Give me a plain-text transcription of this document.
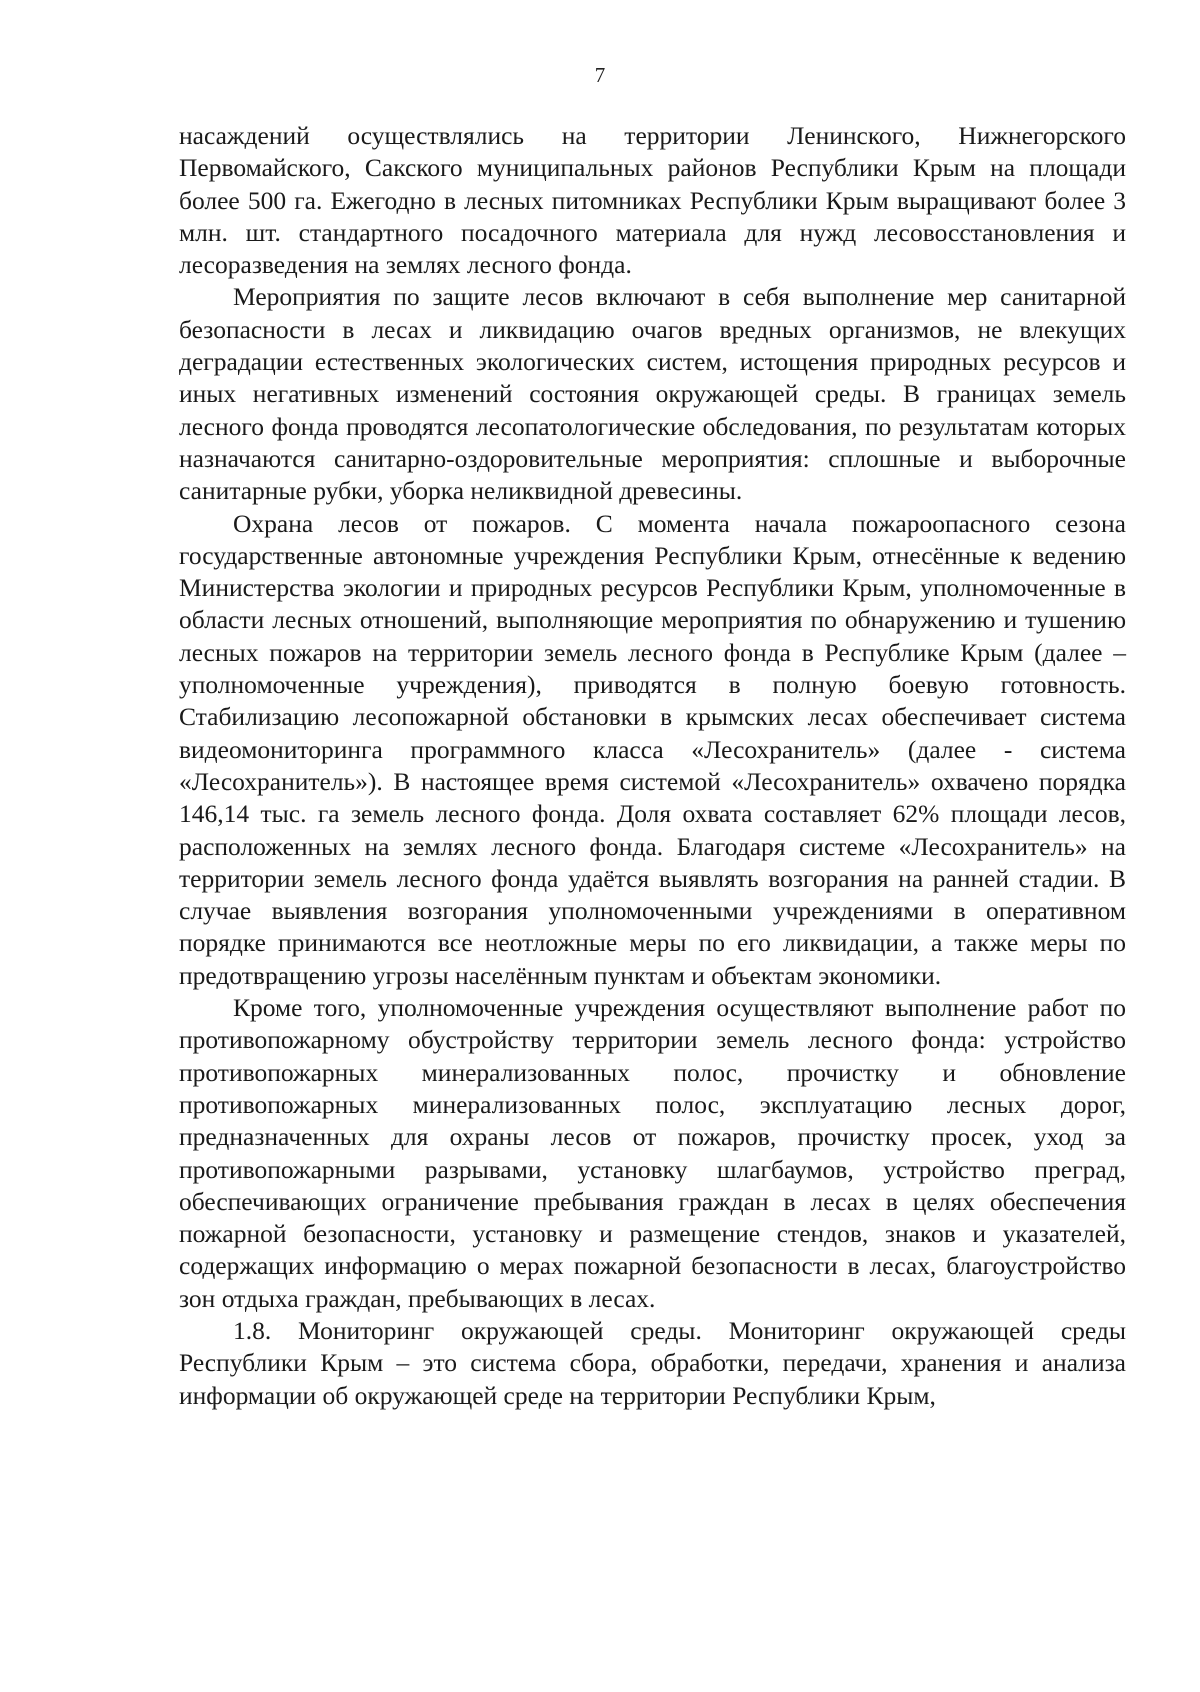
7

насаждений осуществлялись на территории Ленинского, Нижнегорского Первомайского, Сакского муниципальных районов Республики Крым на площади более 500 га. Ежегодно в лесных питомниках Республики Крым выращивают более 3 млн. шт. стандартного посадочного материала для нужд лесовосстановления и лесоразведения на землях лесного фонда.

Мероприятия по защите лесов включают в себя выполнение мер санитарной безопасности в лесах и ликвидацию очагов вредных организмов, не влекущих деградации естественных экологических систем, истощения природных ресурсов и иных негативных изменений состояния окружающей среды. В границах земель лесного фонда проводятся лесопатологические обследования, по результатам которых назначаются санитарно-оздоровительные мероприятия: сплошные и выборочные санитарные рубки, уборка неликвидной древесины.

Охрана лесов от пожаров. С момента начала пожароопасного сезона государственные автономные учреждения Республики Крым, отнесённые к ведению Министерства экологии и природных ресурсов Республики Крым, уполномоченные в области лесных отношений, выполняющие мероприятия по обнаружению и тушению лесных пожаров на территории земель лесного фонда в Республике Крым (далее – уполномоченные учреждения), приводятся в полную боевую готовность. Стабилизацию лесопожарной обстановки в крымских лесах обеспечивает система видеомониторинга программного класса «Лесохранитель» (далее - система «Лесохранитель»). В настоящее время системой «Лесохранитель» охвачено порядка 146,14 тыс. га земель лесного фонда. Доля охвата составляет 62% площади лесов, расположенных на землях лесного фонда. Благодаря системе «Лесохранитель» на территории земель лесного фонда удаётся выявлять возгорания на ранней стадии. В случае выявления возгорания уполномоченными учреждениями в оперативном порядке принимаются все неотложные меры по его ликвидации, а также меры по предотвращению угрозы населённым пунктам и объектам экономики.

Кроме того, уполномоченные учреждения осуществляют выполнение работ по противопожарному обустройству территории земель лесного фонда: устройство противопожарных минерализованных полос, прочистку и обновление противопожарных минерализованных полос, эксплуатацию лесных дорог, предназначенных для охраны лесов от пожаров, прочистку просек, уход за противопожарными разрывами, установку шлагбаумов, устройство преград, обеспечивающих ограничение пребывания граждан в лесах в целях обеспечения пожарной безопасности, установку и размещение стендов, знаков и указателей, содержащих информацию о мерах пожарной безопасности в лесах, благоустройство зон отдыха граждан, пребывающих в лесах.

1.8. Мониторинг окружающей среды. Мониторинг окружающей среды Республики Крым – это система сбора, обработки, передачи, хранения и анализа информации об окружающей среде на территории Республики Крым,
